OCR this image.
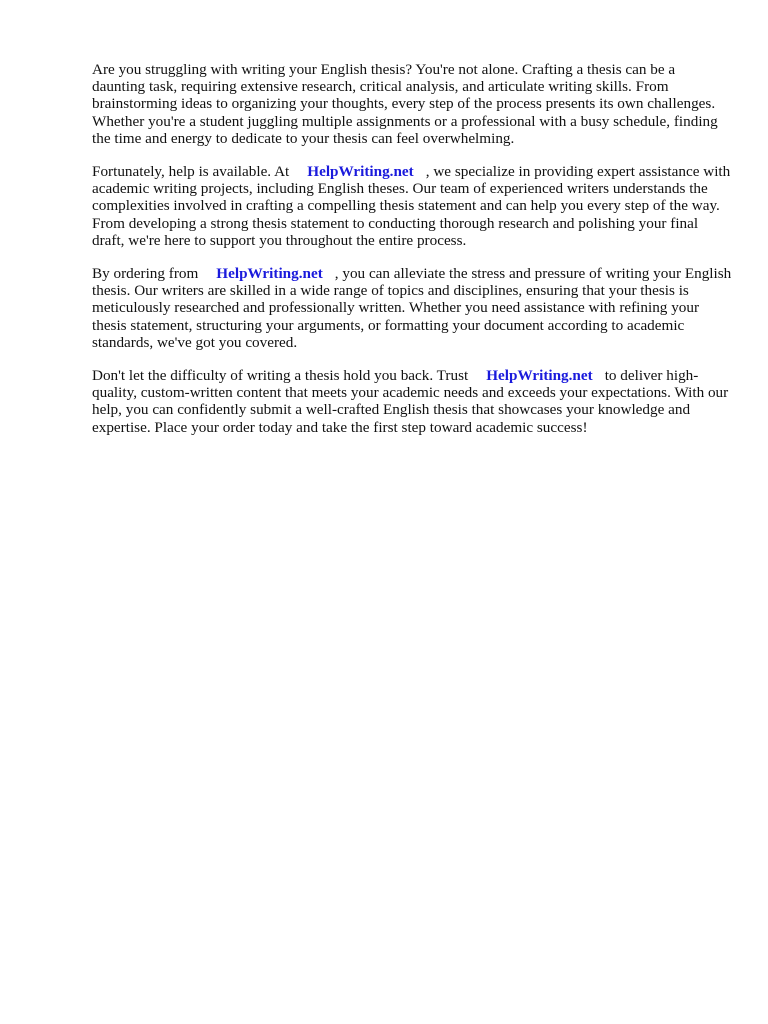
Are you struggling with writing your English thesis? You're not alone. Crafting a thesis can be a daunting task, requiring extensive research, critical analysis, and articulate writing skills. From brainstorming ideas to organizing your thoughts, every step of the process presents its own challenges. Whether you're a student juggling multiple assignments or a professional with a busy schedule, finding the time and energy to dedicate to your thesis can feel overwhelming.

Fortunately, help is available. At HelpWriting.net , we specialize in providing expert assistance with academic writing projects, including English theses. Our team of experienced writers understands the complexities involved in crafting a compelling thesis statement and can help you every step of the way. From developing a strong thesis statement to conducting thorough research and polishing your final draft, we're here to support you throughout the entire process.

By ordering from HelpWriting.net , you can alleviate the stress and pressure of writing your English thesis. Our writers are skilled in a wide range of topics and disciplines, ensuring that your thesis is meticulously researched and professionally written. Whether you need assistance with refining your thesis statement, structuring your arguments, or formatting your document according to academic standards, we've got you covered.

Don't let the difficulty of writing a thesis hold you back. Trust HelpWriting.net to deliver high-quality, custom-written content that meets your academic needs and exceeds your expectations. With our help, you can confidently submit a well-crafted English thesis that showcases your knowledge and expertise. Place your order today and take the first step toward academic success!
